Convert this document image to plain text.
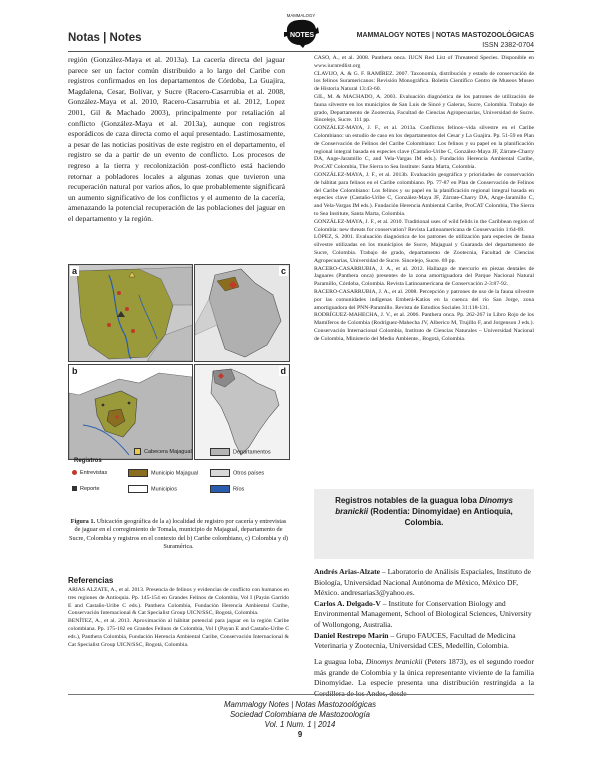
Notas | Notes
MAMMALOGY
NOTES	MAMMALOGY NOTES | NOTAS MASTOZOOLÓGICAS
ISSN 2382-0704

región (González-Maya et al. 2013a). La cacería directa del jaguar parece ser un factor común distribuido a lo largo del Caribe con registros confirmados en los departamentos de Córdoba, La Guajira, Magdalena, Cesar, Bolívar, y Sucre (Racero-Casarrubia et al. 2008, González-Maya et al. 2010, Racero-Casarrubia et al. 2012, Lopez 2001, Gil & Machado 2003), principalmente por retaliación al conflicto (González-Maya et al. 2013a), aunque con registros esporádicos de caza directa como el aquí presentado. Lastimosamente, a pesar de las noticias positivas de este registro en el departamento, el registro se da a partir de un evento de conflicto. Los procesos de regreso a la tierra y recolonización post-conflicto está haciendo retornar a pobladores locales a algunas zonas que tuvieron una recuperación natural por varios años, lo que probablemente significará un aumento significativo de los conflictos y el aumento de la cacería, amenazando la potencial recuperación de las poblaciones del jaguar en el departamento y la región.

a	c
b	d
Registros
Cabecera Majagual	Departamentos
Entrevistas	Municipio Majagual	Otros países
Reporte	Municipios	Ríos
Figura 1. Ubicación geográfica de la a) localidad de registro por cacería y entrevistas de jaguar en el corregimiento de Tomala, municipio de Majagual, departamento de Sucre, Colombia y registros en el contexto del b) Caribe colombiano, c) Colombia y d) Suramérica.
Referencias

ARIAS ALZATE, A., et al. 2013. Presencia de felinos y evidencias de conflicto con humanos en tres regiones de Antioquia. Pp. 145-154 en Grandes Felinos de Colombia, Vol I (Payán Garrido E and Castaño-Uribe C eds.). Panthera Colombia, Fundación Herencia Ambiental Caribe, Conservación Internacional & Cat Specialist Group UICN/SSC, Bogotá, Colombia.

BENÍTEZ, A., et al. 2013. Aproximación al hábitat potencial para jaguar en la región Caribe colombiana. Pp. 175-182 en Grandes Felinos de Colombia, Vol I (Payan E and Castaño-Uribe C eds.), Panthera Colombia, Fundación Herencia Ambiental Caribe, Conservación Internacional & Cat Specialist Group UICN/SSC, Bogotá, Colombia.

CASO, A., et al. 2008. Panthera onca. IUCN Red List of Threatend Species. Disponible en www.iucnredlist.org

CLAVIJO, A. & G. F. RAMÍREZ. 2007. Taxonomía, distribución y estado de conservación de los felinos Suramericanos: Revisión Monográfica. Boletín Científico Centro de Museos Museo de Historia Natural 13:43-60.

GIL, M. & MACHADO, A. 2003. Evaluación diagnóstica de los patrones de utilización de fauna silvestre en los municipios de San Luis de Sincé y Galeras, Sucre, Colombia. Trabajo de grado, Departamento de Zootecnia, Facultad de Ciencias Agropecuarias, Universidad de Sucre. Sincelejo, Sucre. 111 pp.

GONZÁLEZ-MAYA, J. F., et al. 2013a. Conflictos felinos–vida silvestre en el Caribe Colombiano: un estudio de caso en los departamentos del Cesar y La Guajira. Pp. 51-59 en Plan de Conservación de Felinos del Caribe Colombiano: Los felinos y su papel en la planificación regional integral basada en especies clave (Castaño-Uribe C, González-Maya JF, Zárrate-Charry DA, Ange-Jaramillo C, and Vela-Vargas IM eds.). Fundación Herencia Ambiental Caribe, ProCAT Colombia, The Sierra to Sea Institute: Santa Marta, Colombia.

GONZÁLEZ-MAYA, J. F., et al. 2013b. Evaluación geográfica y prioridades de conservación de hábitat para felinos en el Caribe colombiano. Pp. 77-87 en Plan de Conservación de Felinos del Caribe Colombiano: Los felinos y su papel en la planificación regional integral basada en especies clave (Castaño-Uribe C, González-Maya JF, Zárrate-Charry DA, Ange-Jaramillo C, and Vela-Vargas IM eds.). Fundación Herencia Ambiental Caribe, ProCAT Colombia, The Sierra to Sea Institute, Santa Marta, Colombia.

GONZÁLEZ-MAYA, J. F., et al. 2010. Traditional uses of wild felids in the Caribbean region of Colombia: new threats for conservation? Revista Latinoamericana de Conservación 1:64-69.

LÓPEZ, S. 2001. Evaluación diagnóstica de los patrones de utilización para especies de fauna silvestre utilizadas en los municipios de Sucre, Majagual y Guaranda del departamento de Sucre, Colombia. Trabajo de grado, departamento de Zootecnia, Facultad de Ciencias Agropecuarias, Universidad de Sucre. Sincelejo, Sucre. 69 pp.

RACERO-CASARRUBIA, J. A., et al. 2012. Hallazgo de mercurio en piezas dentales de Jaguares (Panthera onca) presentes de la zona amortiguadora del Parque Nacional Natural Paramillo, Córdoba, Colombia. Revista Latinoamericana de Conservación 2-3:87-92.

RACERO-CASARRUBIA, J. A., et al. 2008. Percepción y patrones de uso de la fauna silvestre por las comunidades indígenas Emberá-Katíos en la cuenca del río San Jorge, zona amortiguadora del PNN-Paramillo. Revista de Estudios Sociales 31:118-131.

RODRÍGUEZ-MAHECHA, J. V., et al. 2006. Panthera onca. Pp. 262-267 in Libro Rojo de los Mamíferos de Colombia (Rodríguez-Mahecha JV, Alberico M, Trujillo F, and Jorgenson J eds.). Conservación Internacional Colombia, Instituto de Ciencias Naturales – Universidad Nacional de Colombia, Ministerio del Medio Ambiente., Bogotá, Colombia.

Registros notables de la guagua loba Dinomys branickii (Rodentia: Dinomyidae) en Antioquia, Colombia.

Andrés Arias-Alzate – Laboratorio de Análisis Espaciales, Instituto de Biología, Universidad Nacional Autónoma de México, México DF, México. andresarias3@yahoo.es.

Carlos A. Delgado-V – Institute for Conservation Biology and Environmental Management, School of Biological Sciences, University of Wollongong, Australia.

Daniel Restrepo Marín – Grupo FAUCES, Facultad de Medicina Veterinaria y Zootecnia, Universidad CES, Medellín, Colombia.

La guagua loba, Dinomys branickii (Peters 1873), es el segundo roedor más grande de Colombia y la única representante viviente de la familia Dinomyidae. La especie presenta una distribución restringida a la Cordillera de los Andes, desde

Mammalogy Notes | Notas Mastozoológicas
Sociedad Colombiana de Mastozoología
Vol. 1 Num. 1 | 2014
9
